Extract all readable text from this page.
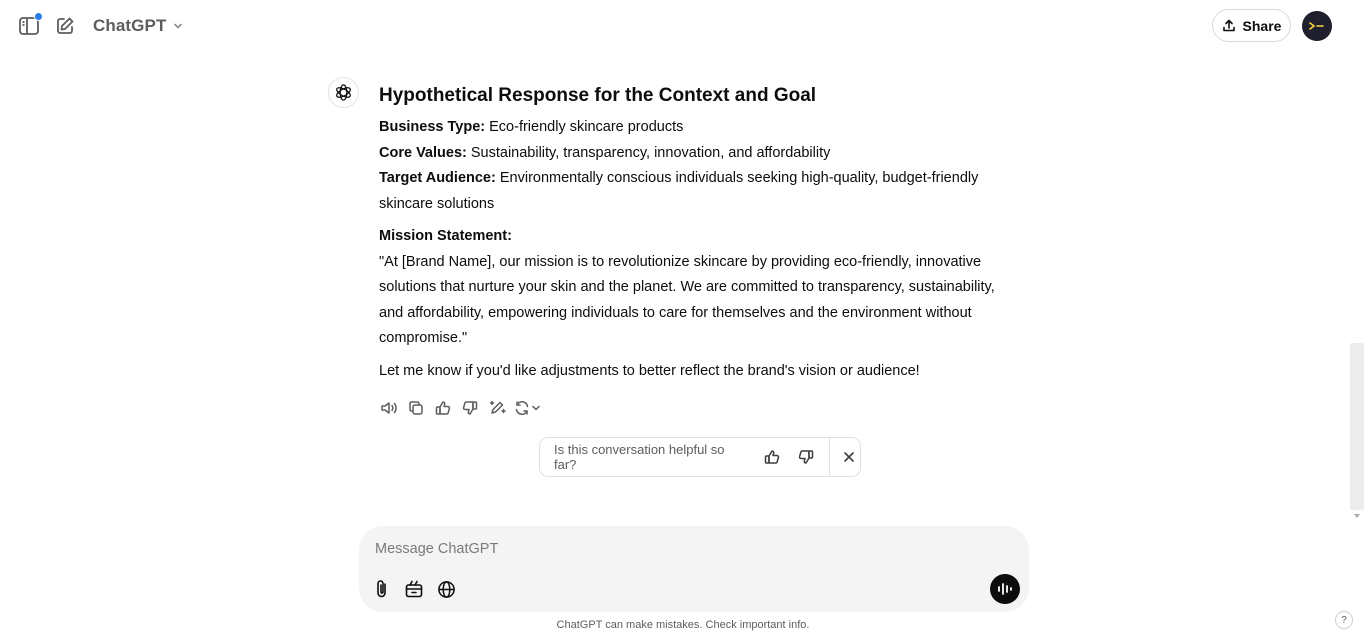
ChatGPT	Share
Hypothetical Response for the Context and Goal

Business Type: Eco-friendly skincare products

Core Values: Sustainability, transparency, innovation, and affordability

Target Audience: Environmentally conscious individuals seeking high-quality, budget-friendly skincare solutions

Mission Statement:

"At [Brand Name], our mission is to revolutionize skincare by providing eco-friendly, innovative solutions that nurture your skin and the planet. We are committed to transparency, sustainability, and affordability, empowering individuals to care for themselves and the environment without compromise."

Let me know if you'd like adjustments to better reflect the brand's vision or audience!

Is this conversation helpful so far?
Message ChatGPT
ChatGPT can make mistakes. Check important info.	?
